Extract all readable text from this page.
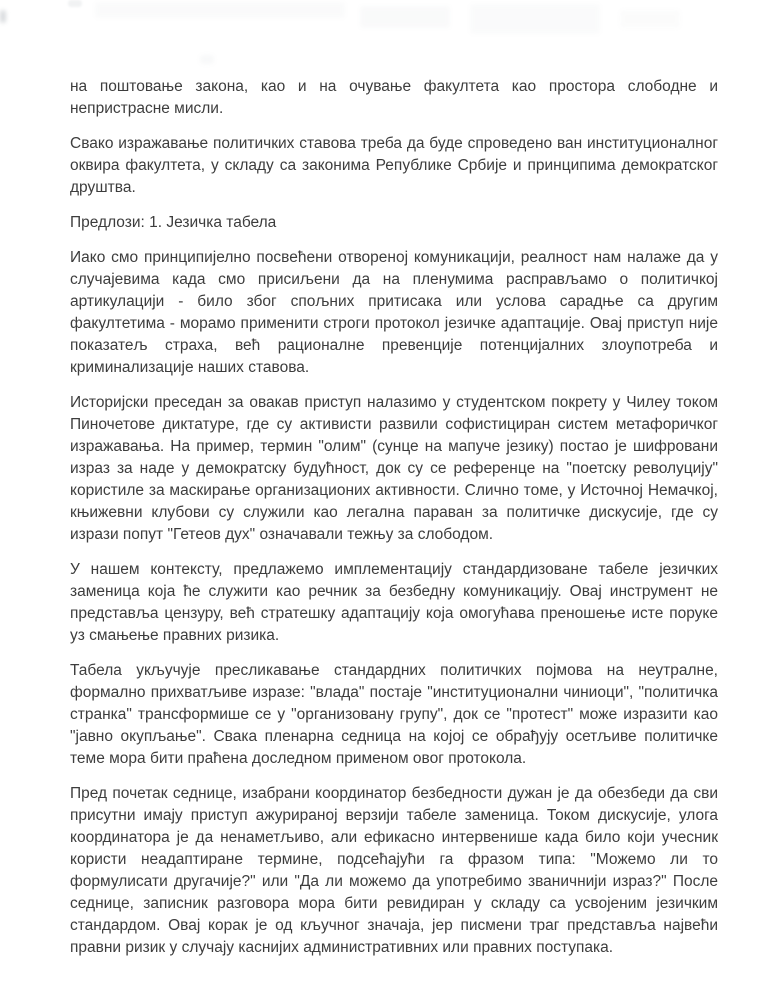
на поштовање закона, као и на очување факултета као простора слободне и непристрасне мисли.

Свако изражавање политичких ставова треба да буде спроведено ван институционалног оквира факултета, у складу са законима Републике Србије и принципима демократског друштва.

Предлози: 1. Језичка табела

Иако смо принципијелно посвећени отвореној комуникацији, реалност нам налаже да у случајевима када смо присиљени да на пленумима расправљамо о политичкој артикулацији - било због спољних притисака или услова сарадње са другим факултетима - морамо применити строги протокол језичке адаптације. Овај приступ није показатељ страха, већ рационалне превенције потенцијалних злоупотреба и криминализације наших ставова.

Историјски преседан за овакав приступ налазимо у студентском покрету у Чилеу током Пиночетове диктатуре, где су активисти развили софистициран систем метафоричког изражавања. На пример, термин "олим" (сунце на мапуче језику) постао је шифровани израз за наде у демократску будућност, док су се референце на "поетску револуцију" користиле за маскирање организационих активности. Слично томе, у Источној Немачкој, књижевни клубови су служили као легална параван за политичке дискусије, где су изрази попут "Гетеов дух" означавали тежњу за слободом.

У нашем контексту, предлажемо имплементацију стандардизоване табеле језичких заменица која ће служити као речник за безбедну комуникацију. Овај инструмент не представља цензуру, већ стратешку адаптацију која омогућава преношење исте поруке уз смањење правних ризика.

Табела укључује пресликавање стандардних политичких појмова на неутралне, формално прихватљиве изразе: "влада" постаје "институционални чиниоци", "политичка странка" трансформише се у "организовану групу", док се "протест" може изразити као "јавно окупљање". Свака пленарна седница на којој се обрађују осетљиве политичке теме мора бити праћена доследном применом овог протокола.

Пред почетак седнице, изабрани координатор безбедности дужан је да обезбеди да сви присутни имају приступ ажурираној верзији табеле заменица. Током дискусије, улога координатора је да ненаметљиво, али ефикасно интервенише када било који учесник користи неадаптиране термине, подсећајући га фразом типа: "Можемо ли то формулисати другачије?" или "Да ли можемо да употребимо званичнији израз?" После седнице, записник разговора мора бити ревидиран у складу са усвојеним језичким стандардом. Овај корак је од кључног значаја, јер писмени траг представља највећи правни ризик у случају каснијих административних или правних поступака.
